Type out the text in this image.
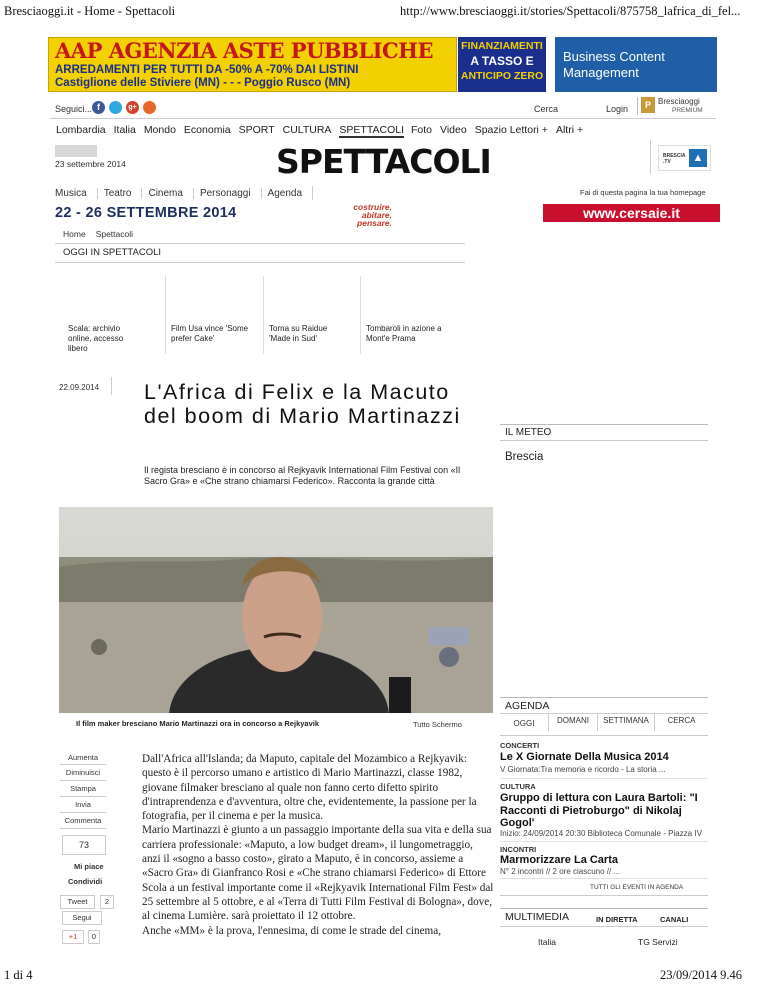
Bresciaoggi.it - Home - Spettacoli	http://www.bresciaoggi.it/stories/Spettacoli/875758_lafrica_di_fel...
1 di 4	23/09/2014 9.46
AAP AGENZIA ASTE PUBBLICHE
ARREDAMENTI PER TUTTI DA -50% A -70% DAI LISTINI
Castiglione delle Stiviere (MN) - - - Poggio Rusco (MN)
FINANZIAMENTI
A TASSO E
ANTICIPO ZERO
Business Content
Management
Seguici... f	g+	Cerca	Login	P Bresciaoggi
PREMIUM
Lombardia Italia Mondo Economia SPORT CULTURA SPETTACOLI Foto Video Spazio Lettori + Altri +
23 settembre 2014	SPETTACOLI	BRESCIA .TV	▲
Musica	Teatro	Cinema	Personaggi	Agenda	Fai di questa pagina la tua homepage
22 - 26 SETTEMBRE 2014	costruire,
abitare,
pensare.
www.cersaie.it
Home Spettacoli
OGGI IN SPETTACOLI
Scala: archivio online, accesso libero
Film Usa vince 'Some prefer Cake'
Torna su Raidue 'Made in Sud'
Tombaroli in azione a Mont'e Prama
22.09.2014 L'Africa di Felix e la Macuto del boom di Mario Martinazzi
Il regista bresciano è in concorso al Rejkyavik International Film Festival con «Il Sacro Gra» e «Che strano chiamarsi Federico». Racconta la grande città
Il film maker bresciano Mario Martinazzi ora in concorso a Rejkyavik	Tutto Schermo
Aumenta
Diminuisci
Stampa
Invia
Commenta
73
Mi piace
Condividi
Tweet	2
Segui
+1	0
Dall'Africa all'Islanda; da Maputo, capitale del Mozambico a Rejkyavik: questo è il percorso umano e artistico di Mario Martinazzi, classe 1982, giovane filmaker bresciano al quale non fanno certo difetto spirito d'intraprendenza e d'avventura, oltre che, evidentemente, la passione per la fotografia, per il cinema e per la musica.
Mario Martinazzi è giunto a un passaggio importante della sua vita e della sua carriera professionale: «Maputo, a low budget dream», il lungometraggio, anzi il «sogno a basso costo», girato a Maputo, è in concorso, assieme a «Sacro Gra» di Gianfranco Rosi e «Che strano chiamarsi Federico» di Ettore Scola a un festival importante come il «Rejkyavik International Film Fest» dal 25 settembre al 5 ottobre, e al «Terra di Tutti Film Festival di Bologna», dove, al cinema Lumière. sarà proiettato il 12 ottobre.
Anche «MM» è la prova, l'ennesima, di come le strade del cinema,
IL METEO
Brescia
AGENDA
OGGI	DOMANI	SETTIMANA	CERCA
CONCERTI
Le X Giornate Della Musica 2014
V Giornata:Tra memoria e ricordo - La storia ...
CULTURA
Gruppo di lettura con Laura Bartoli: "I Racconti di Pietroburgo" di Nikolaj Gogol'
Inizio: 24/09/2014 20:30 Biblioteca Comunale - Piazza IV
INCONTRI
Marmorizzare La Carta
N° 2 incontri // 2 ore ciascuno // ...
TUTTI GLI EVENTI IN AGENDA
MULTIMEDIA	IN DIRETTA	CANALI
Italia	TG Servizi
